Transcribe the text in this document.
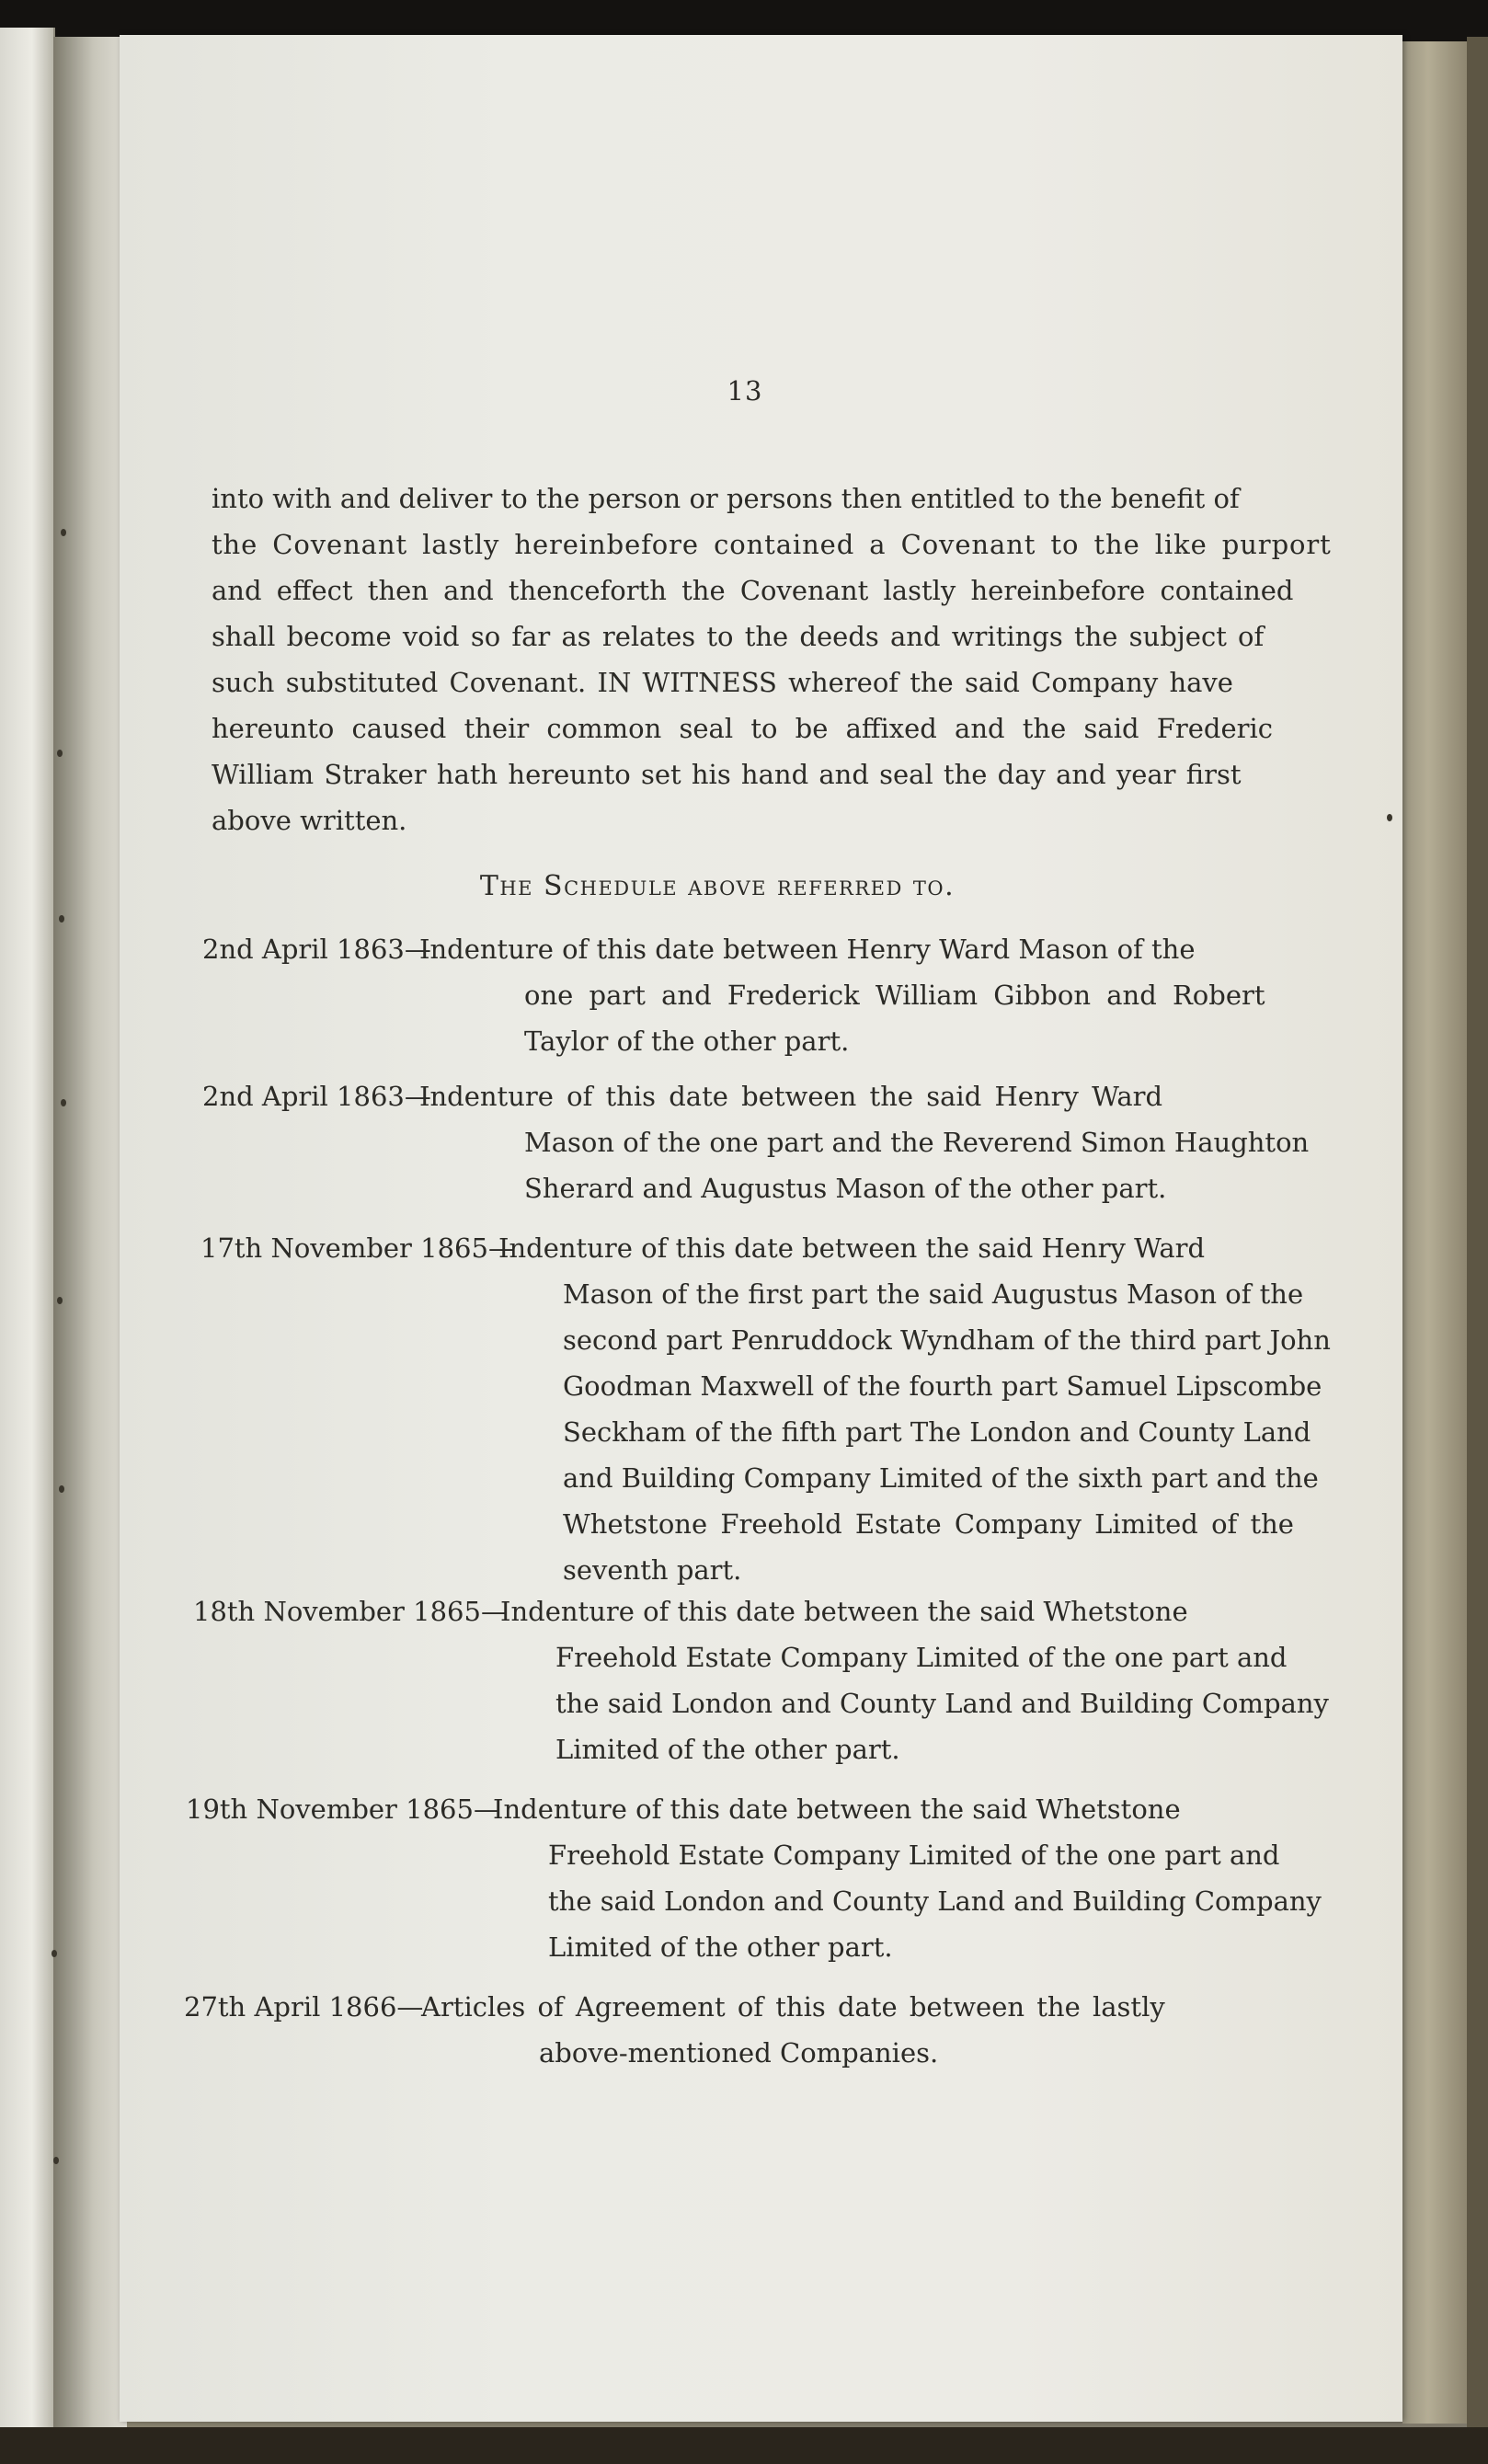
13
into with and deliver to the person or persons then entitled to the benefit of
the Covenant lastly hereinbefore contained a Covenant to the like purport
and effect then and thenceforth the Covenant lastly hereinbefore contained
shall become void so far as relates to the deeds and writings the subject of
such substituted Covenant. IN WITNESS whereof the said Company have
hereunto caused their common seal to be affixed and the said Frederic
William Straker hath hereunto set his hand and seal the day and year first
above written.
The Schedule above referred to.
2nd April 1863—
Indenture of this date between Henry Ward Mason of the
one part and Frederick William Gibbon and Robert
Taylor of the other part.
2nd April 1863—
Indenture of this date between the said Henry Ward
Mason of the one part and the Reverend Simon Haughton
Sherard and Augustus Mason of the other part.
17th November 1865—
Indenture of this date between the said Henry Ward
Mason of the first part the said Augustus Mason of the
second part Penruddock Wyndham of the third part John
Goodman Maxwell of the fourth part Samuel Lipscombe
Seckham of the fifth part The London and County Land
and Building Company Limited of the sixth part and the
Whetstone Freehold Estate Company Limited of the
seventh part.
18th November 1865—
Indenture of this date between the said Whetstone
Freehold Estate Company Limited of the one part and
the said London and County Land and Building Company
Limited of the other part.
19th November 1865—
Indenture of this date between the said Whetstone
Freehold Estate Company Limited of the one part and
the said London and County Land and Building Company
Limited of the other part.
27th April 1866—
Articles of Agreement of this date between the lastly
above-mentioned Companies.
